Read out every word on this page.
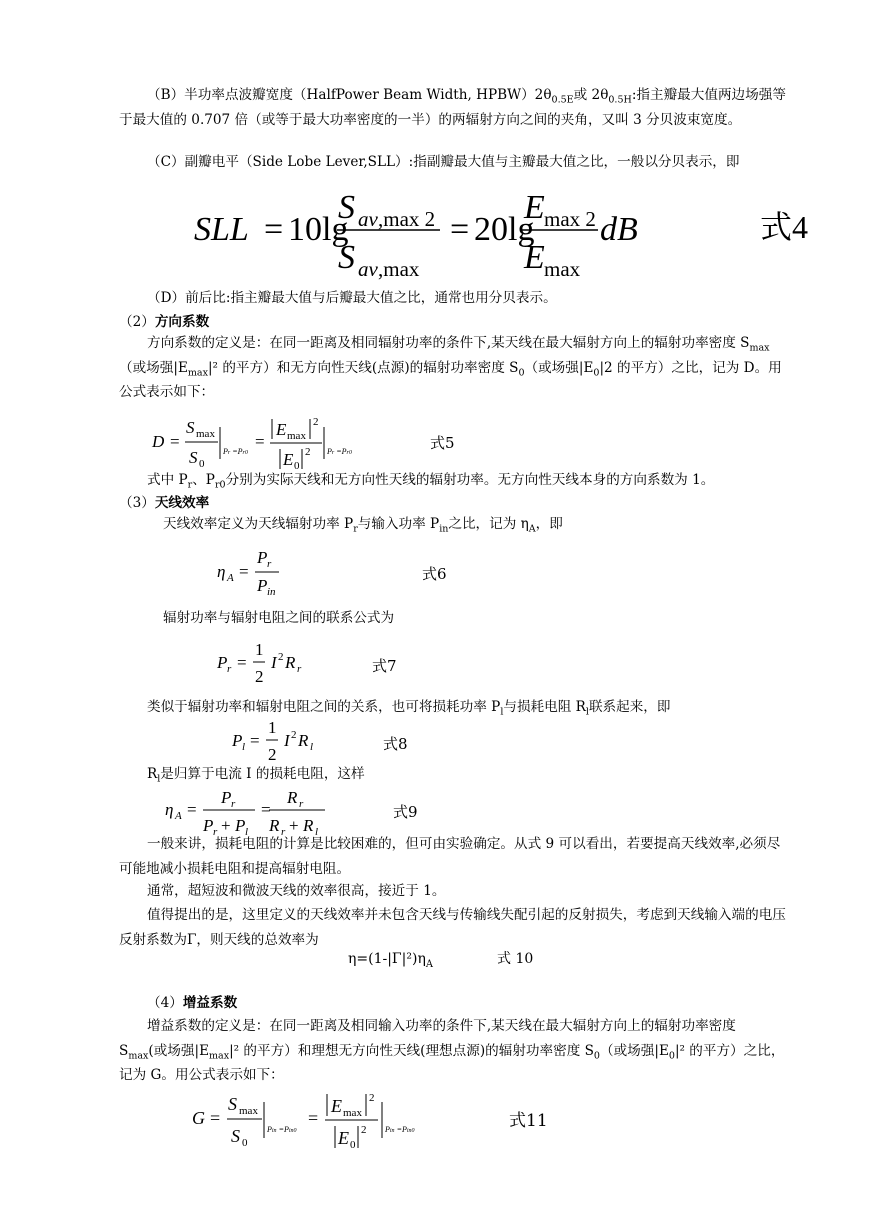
（B）半功率点波瓣宽度（HalfPower Beam Width, $HPBW)2\theta_{0.5E}$或 $2\theta_{0.5H}$:指主瓣最大值两边场强等于最大值的 0.707 倍（或等于最大功率密度的一半）的两辐射方向之间的夹角，又叫 3 分贝波束宽度。
（C）副瓣电平（Side Lobe Lever,SLL）:指副瓣最大值与主瓣最大值之比，一般以分贝表示，即
SLL = 10lg
S av ,max 2
S av ,max
= 20lg
E max 2
E max
dB	式4
（D）前后比:指主瓣最大值与后瓣最大值之比，通常也用分贝表示。
（2）方向系数
方向系数的定义是：在同一距离及相同辐射功率的条件下,某天线在最大辐射方向上的辐射功率密度 $S_{max}$（或场强$|E_{max}|^2$ 的平方）和无方向性天线(点源)的辐射功率密度 $S_0$（或场强$|E_0|2$ 的平方）之比，记为 D。用公式表示如下：
D =
S max
S 0
Pr =Pr0
=
E max
2
E 0
2 Pr =Pr0
式5
式中 $P_r$、$P_{r0}$分别为实际天线和无方向性天线的辐射功率。无方向性天线本身的方向系数为 1。
（3）天线效率
天线效率定义为天线辐射功率 $P_r$与输入功率 $P_{in}$之比，记为 $\eta_A$，即
η A =
P r
P in
式6
辐射功率与辐射电阻之间的联系公式为
P r =
1
2
I 2 R r	式7
类似于辐射功率和辐射电阻之间的关系，也可将损耗功率 $P_l$与损耗电阻 $R_l$联系起来，即
P l =
1
2
I 2 R l	式8
$R_l$是归算于电流 I 的损耗电阻，这样
η A =
P r
P r + P l
=
R r
R r + R l
式9
一般来讲，损耗电阻的计算是比较困难的，但可由实验确定。从式 9 可以看出，若要提高天线效率,必须尽可能地减小损耗电阻和提高辐射电阻。
通常，超短波和微波天线的效率很高，接近于 1。
值得提出的是，这里定义的天线效率并未包含天线与传输线失配引起的反射损失，考虑到天线输入端的电压反射系数为Γ，则天线的总效率为
$\eta=(1-|\Gamma|^2)\eta_A$	式 10
（4）增益系数
增益系数的定义是：在同一距离及相同输入功率的条件下,某天线在最大辐射方向上的辐射功率密度 $S_{max}$(或场强$|E_{max}|^2$ 的平方）和理想无方向性天线(理想点源)的辐射功率密度 $S_0$（或场强$|E_0|^2$ 的平方）之比，记为 G。用公式表示如下：
G =
S max
S 0
Pin =Pin0
=
E max
2
E 0
2 Pin =Pin0	式11
